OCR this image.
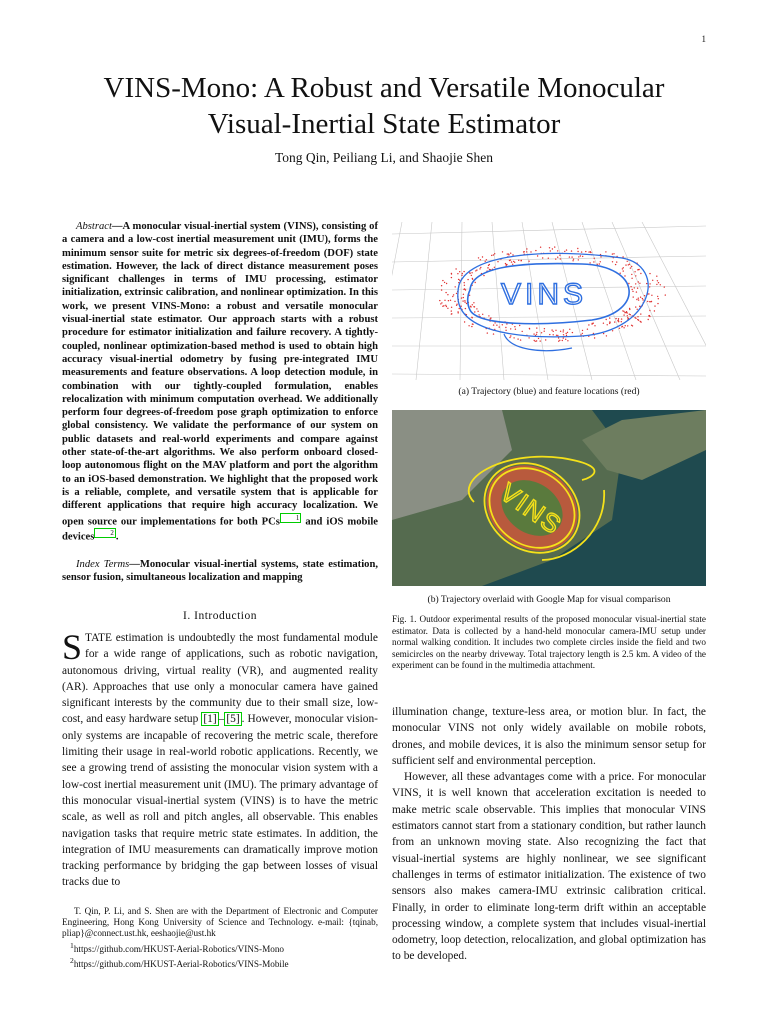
1
VINS-Mono: A Robust and Versatile Monocular
Visual-Inertial State Estimator
Tong Qin, Peiliang Li, and Shaojie Shen

Abstract—A monocular visual-inertial system (VINS), consisting of a camera and a low-cost inertial measurement unit (IMU), forms the minimum sensor suite for metric six degrees-of-freedom (DOF) state estimation. However, the lack of direct distance measurement poses significant challenges in terms of IMU processing, estimator initialization, extrinsic calibration, and nonlinear optimization. In this work, we present VINS-Mono: a robust and versatile monocular visual-inertial state estimator. Our approach starts with a robust procedure for estimator initialization and failure recovery. A tightly-coupled, nonlinear optimization-based method is used to obtain high accuracy visual-inertial odometry by fusing pre-integrated IMU measurements and feature observations. A loop detection module, in combination with our tightly-coupled formulation, enables relocalization with minimum computation overhead. We additionally perform four degrees-of-freedom pose graph optimization to enforce global consistency. We validate the performance of our system on public datasets and real-world experiments and compare against other state-of-the-art algorithms. We also perform onboard closed-loop autonomous flight on the MAV platform and port the algorithm to an iOS-based demonstration. We highlight that the proposed work is a reliable, complete, and versatile system that is applicable for different applications that require high accuracy localization. We open source our implementations for both PCs 1 and iOS mobile devices 2 .

Index Terms—Monocular visual-inertial systems, state estimation, sensor fusion, simultaneous localization and mapping

I. Introduction

STATE estimation is undoubtedly the most fundamental module for a wide range of applications, such as robotic navigation, autonomous driving, virtual reality (VR), and augmented reality (AR). Approaches that use only a monocular camera have gained significant interests by the community due to their small size, low-cost, and easy hardware setup [1] – [5] . However, monocular vision-only systems are incapable of recovering the metric scale, therefore limiting their usage in real-world robotic applications. Recently, we see a growing trend of assisting the monocular vision system with a low-cost inertial measurement unit (IMU). The primary advantage of this monocular visual-inertial system (VINS) is to have the metric scale, as well as roll and pitch angles, all observable. This enables navigation tasks that require metric state estimates. In addition, the integration of IMU measurements can dramatically improve motion tracking performance by bridging the gap between losses of visual tracks due to

T. Qin, P. Li, and S. Shen are with the Department of Electronic and Computer Engineering, Hong Kong University of Science and Technology. e-mail: {tqinab, pliap}@connect.ust.hk, eeshaojie@ust.hk

$^1$https://github.com/HKUST-Aerial-Robotics/VINS-Mono

$^2$https://github.com/HKUST-Aerial-Robotics/VINS-Mobile

VINS
(a) Trajectory (blue) and feature locations (red)
VINS
(b) Trajectory overlaid with Google Map for visual comparison

Fig. 1. Outdoor experimental results of the proposed monocular visual-inertial state estimator. Data is collected by a hand-held monocular camera-IMU setup under normal walking condition. It includes two complete circles inside the field and two semicircles on the nearby driveway. Total trajectory length is 2.5 km. A video of the experiment can be found in the multimedia attachment.

illumination change, texture-less area, or motion blur. In fact, the monocular VINS not only widely available on mobile robots, drones, and mobile devices, it is also the minimum sensor setup for sufficient self and environmental perception.

However, all these advantages come with a price. For monocular VINS, it is well known that acceleration excitation is needed to make metric scale observable. This implies that monocular VINS estimators cannot start from a stationary condition, but rather launch from an unknown moving state. Also recognizing the fact that visual-inertial systems are highly nonlinear, we see significant challenges in terms of estimator initialization. The existence of two sensors also makes camera-IMU extrinsic calibration critical. Finally, in order to eliminate long-term drift within an acceptable processing window, a complete system that includes visual-inertial odometry, loop detection, relocalization, and global optimization has to be developed.
